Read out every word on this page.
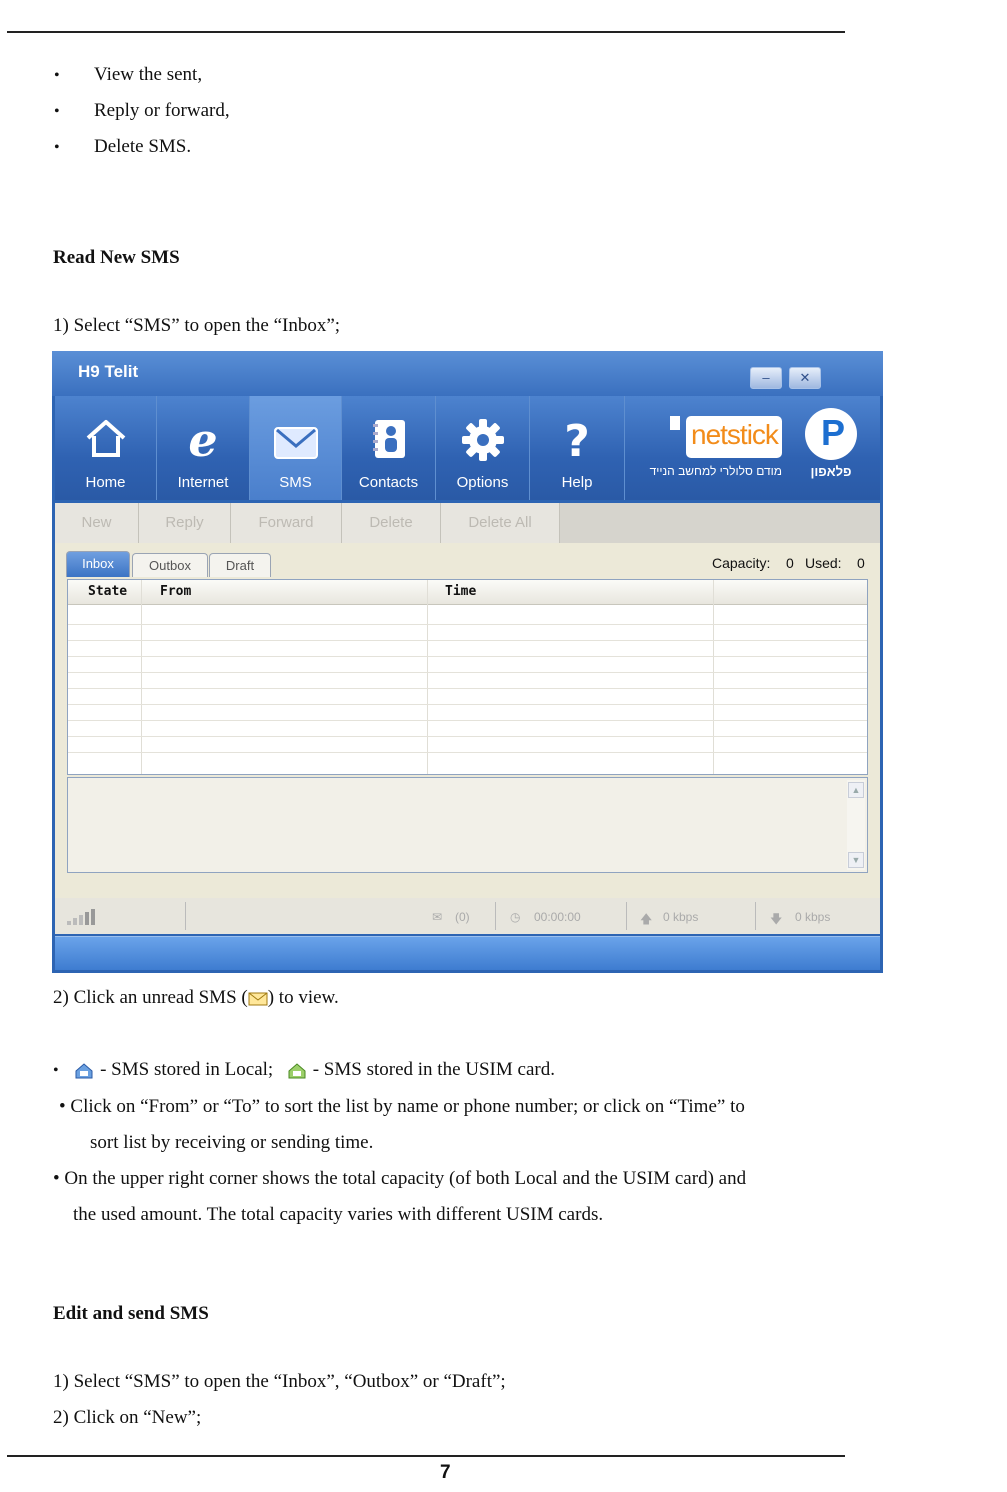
• View the sent,
• Reply or forward,
• Delete SMS.
Read New SMS
1) Select “SMS” to open the “Inbox”;
H9 Telit	–	✕
Home
e
Internet	SMS	Contacts	Options
?
Help
netstick
מודם סלולרי למחשב הנייד
P
פלאפון
New	Reply	Forward	Delete	Delete All
Inbox	Outbox	Draft	Capacity: 0 Used: 0
State	From	Time
▲
▼
✉ (0)	◷ 00:00:00	🡅 0 kbps	🡇 0 kbps
2) Click an unread SMS ( ) to view.
•  - SMS stored in Local;  - SMS stored in the USIM card.
• Click on “From” or “To” to sort the list by name or phone number; or click on “Time” to
sort list by receiving or sending time.
• On the upper right corner shows the total capacity (of both Local and the USIM card) and
the used amount. The total capacity varies with different USIM cards.
Edit and send SMS
1) Select “SMS” to open the “Inbox”, “Outbox” or “Draft”;
2) Click on “New”;
7
